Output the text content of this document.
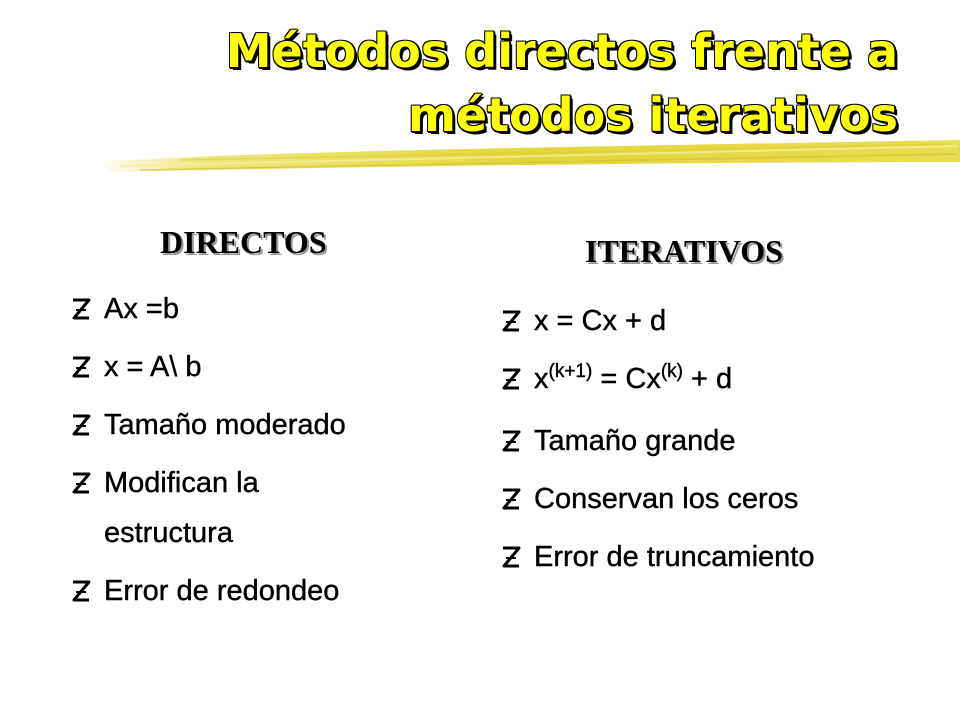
Métodos directos frente a
métodos iterativos
DIRECTOS
Ax =b
x = A\ b
Tamaño moderado
Modifican la estructura
Error de redondeo
ITERATIVOS
x = Cx + d
$x^{(k+1)} = Cx^{(k)} + d$
Tamaño grande
Conservan los ceros
Error de truncamiento
